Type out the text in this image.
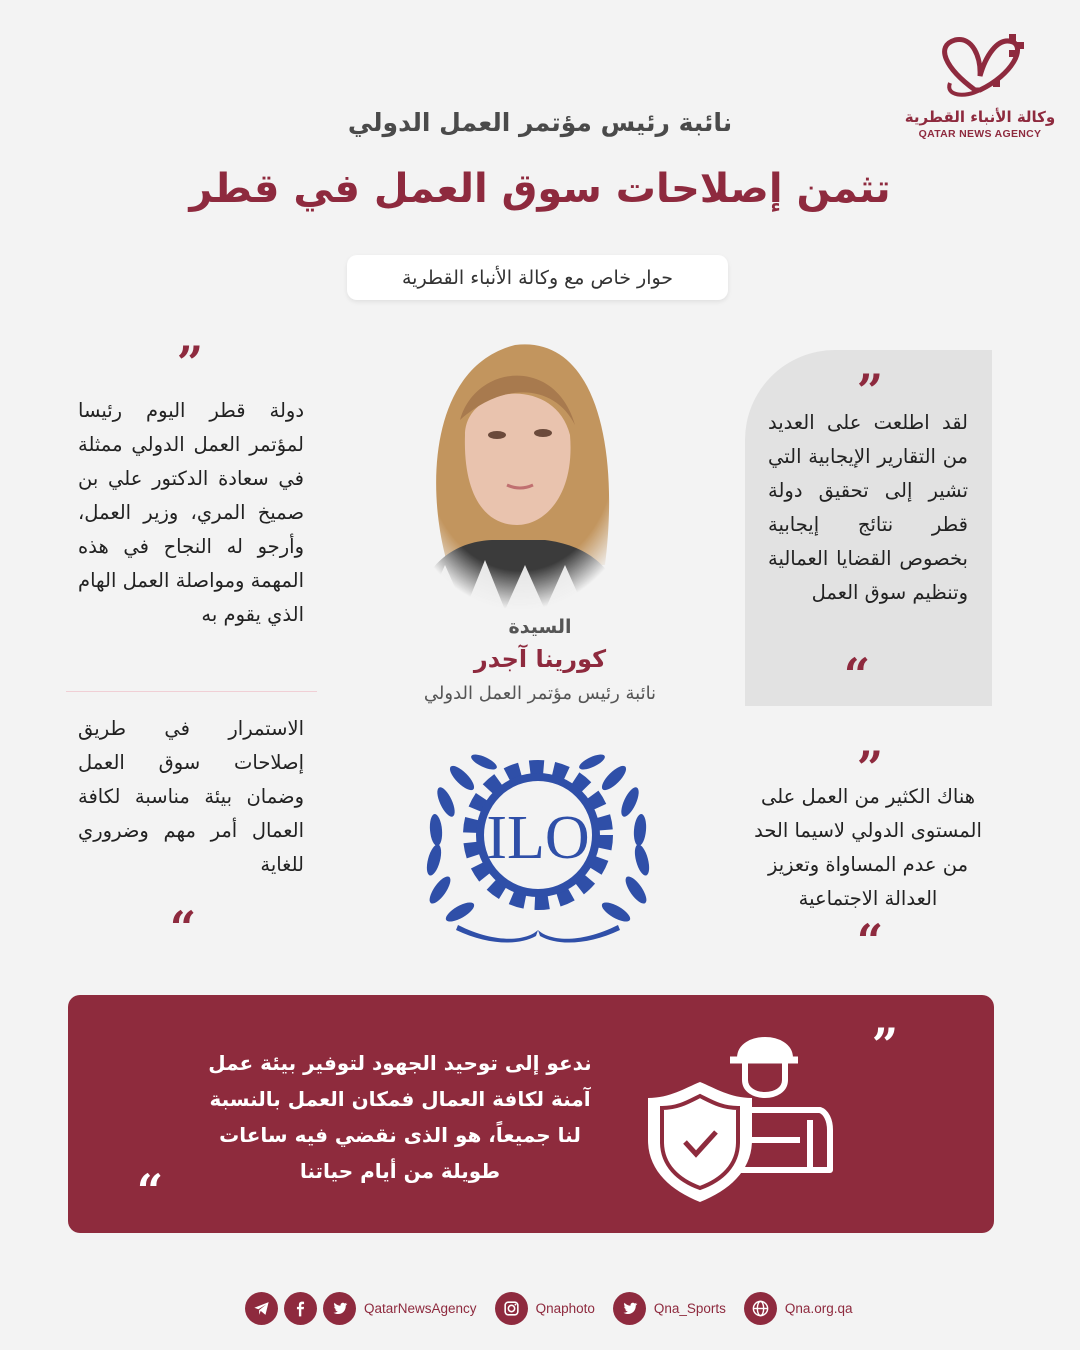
وكالة الأنباء القطرية
QATAR NEWS AGENCY
نائبة رئيس مؤتمر العمل الدولي
تثمن إصلاحات سوق العمل في قطر
حوار خاص مع وكالة الأنباء القطرية
”
لقد اطلعت على العديد من التقارير الإيجابية التي تشير إلى تحقيق دولة قطر نتائج إيجابية بخصوص القضايا العمالية وتنظيم سوق العمل
“
”
دولة قطر اليوم رئيسا لمؤتمر العمل الدولي ممثلة في سعادة الدكتور علي بن صميخ المري، وزير العمل، وأرجو له النجاح في هذه المهمة ومواصلة العمل الهام الذي يقوم به
الاستمرار في طريق إصلاحات سوق العمل وضمان بيئة مناسبة لكافة العمال أمر مهم وضروري للغاية
“
”
هناك الكثير من العمل على المستوى الدولي لاسيما الحد من عدم المساواة وتعزيز العدالة الاجتماعية
“
السيدة
كورينا آجدر
نائبة رئيس مؤتمر العمل الدولي
ILO
”
ندعو إلى توحيد الجهود لتوفير بيئة عمل آمنة لكافة العمال فمكان العمل بالنسبة لنا جميعاً، هو الذى نقضي فيه ساعات طويلة من أيام حياتنا
“
QatarNewsAgency	Qnaphoto	Qna_Sports	Qna.org.qa
